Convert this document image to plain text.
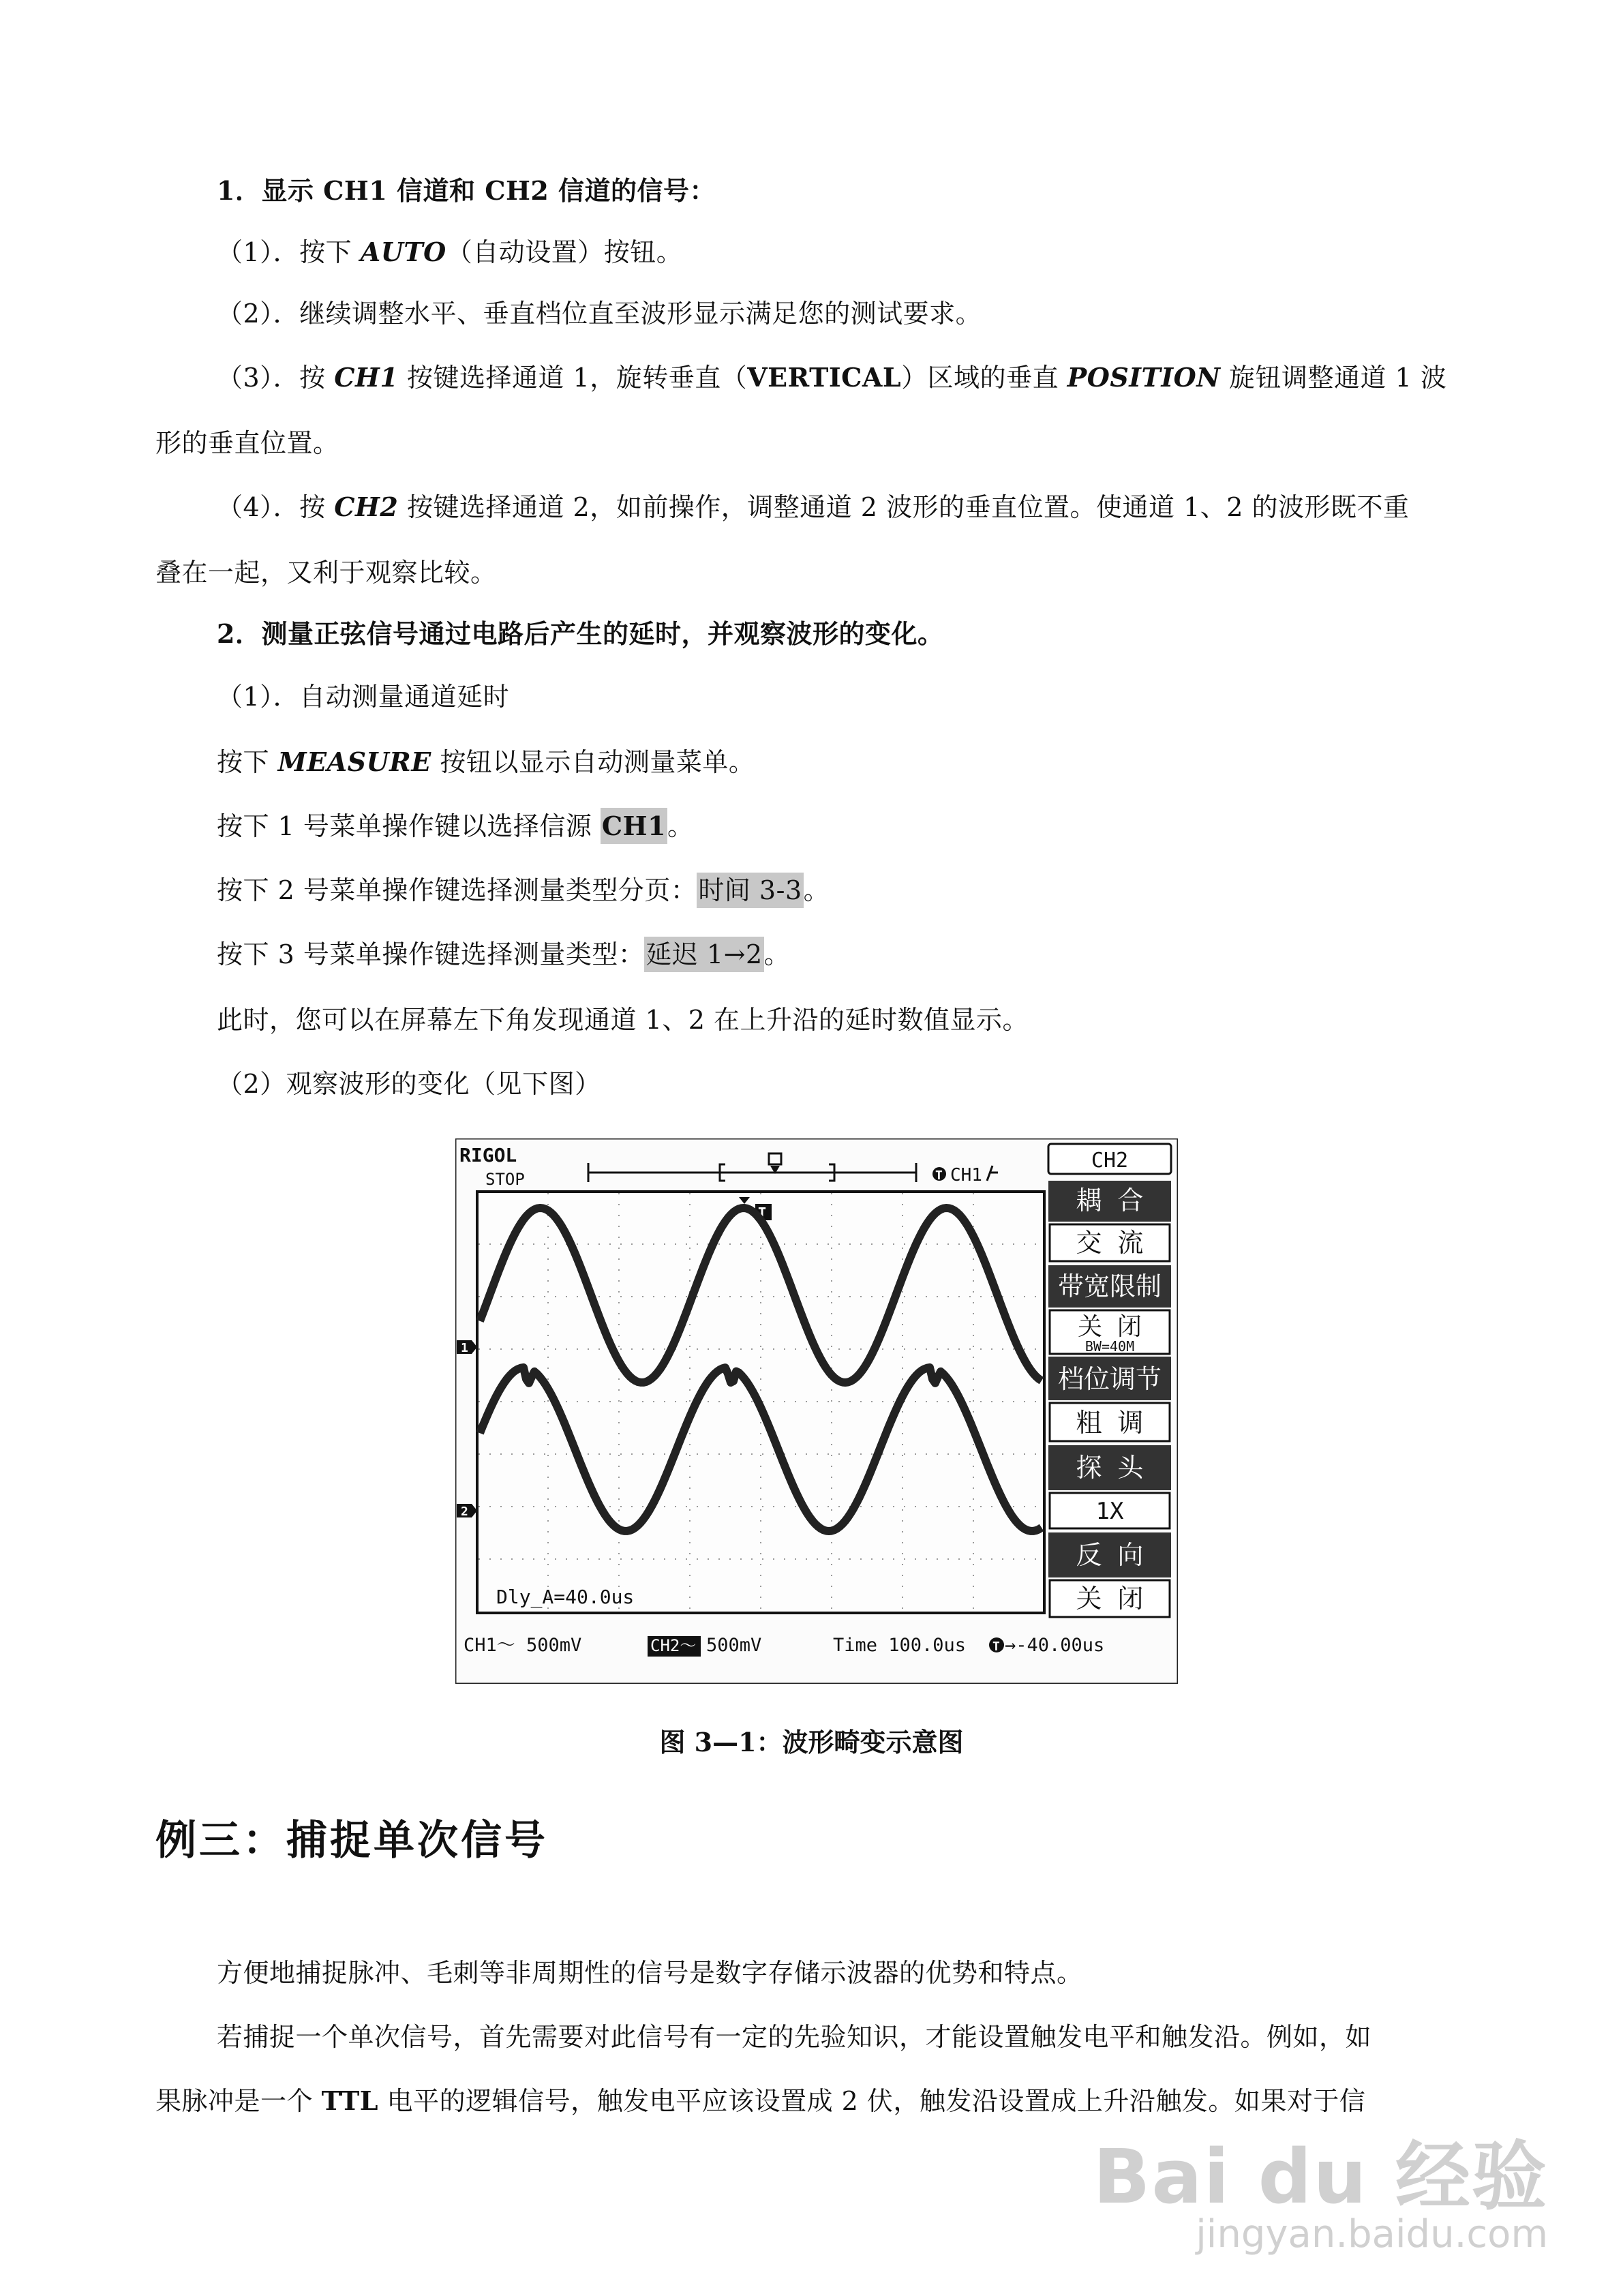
1．显示 CH1 信道和 CH2 信道的信号：

（1）．按下 AUTO（自动设置）按钮。

（2）．继续调整水平、垂直档位直至波形显示满足您的测试要求。

（3）．按 CH1 按键选择通道 1，旋转垂直（VERTICAL）区域的垂直 POSITION 旋钮调整通道 1 波

形的垂直位置。

（4）．按 CH2 按键选择通道 2，如前操作，调整通道 2 波形的垂直位置。使通道 1、2 的波形既不重

叠在一起，又利于观察比较。

2．测量正弦信号通过电路后产生的延时，并观察波形的变化。

（1）．自动测量通道延时

按下 MEASURE 按钮以显示自动测量菜单。

按下 1 号菜单操作键以选择信源 CH1。

按下 2 号菜单操作键选择测量类型分页：时间 3-3。

按下 3 号菜单操作键选择测量类型：延迟 1→2。

此时，您可以在屏幕左下角发现通道 1、2 在上升沿的延时数值显示。

（2）观察波形的变化（见下图）

RIGOL
STOP	T CH1
T
1
2
Dly_A=40.0us
CH1～ 500mV	CH2～ 500mV	Time 100.0us T →-40.00us
CH2
耦 合
交 流
带宽限制
关 闭
BW=40M
档位调节
粗 调
探 头
1X
反 向
关 闭

图 3—1：波形畸变示意图

例三：捕捉单次信号

方便地捕捉脉冲、毛刺等非周期性的信号是数字存储示波器的优势和特点。

若捕捉一个单次信号，首先需要对此信号有一定的先验知识，才能设置触发电平和触发沿。例如，如

果脉冲是一个 TTL 电平的逻辑信号，触发电平应该设置成 2 伏，触发沿设置成上升沿触发。如果对于信

Bai du 经验
jingyan.baidu.com
